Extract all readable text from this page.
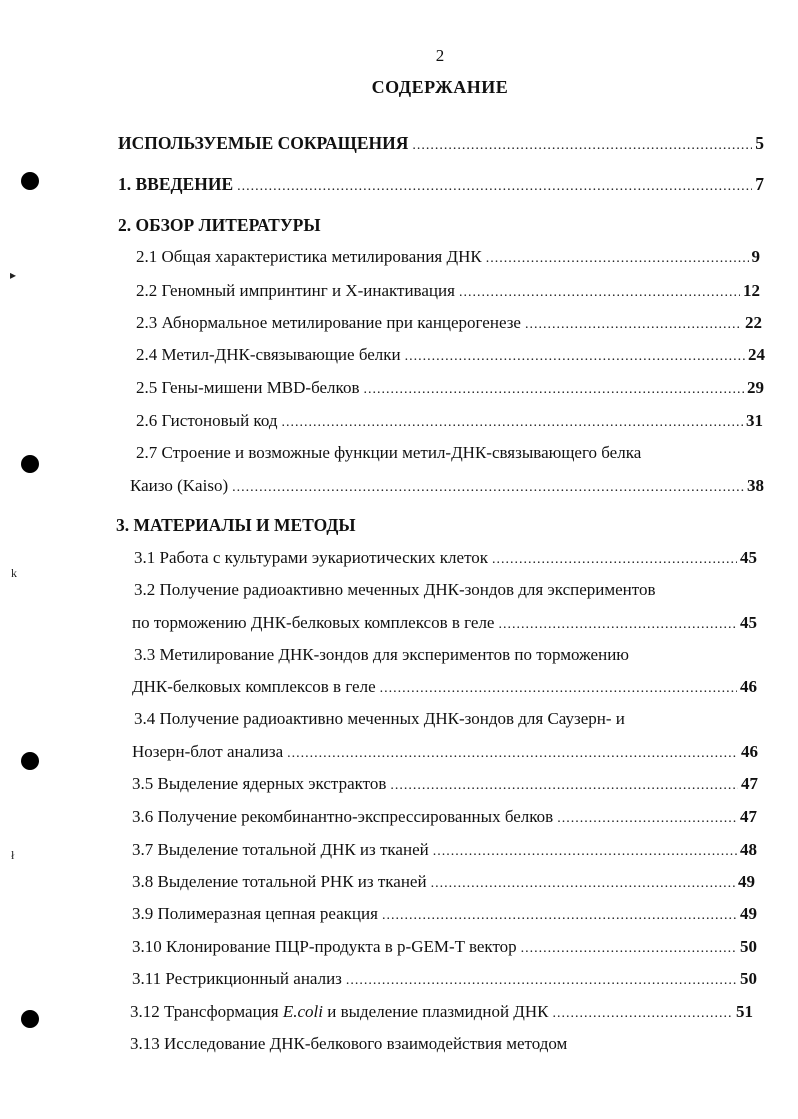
2
СОДЕРЖАНИЕ
▸
k
ł
ИСПОЛЬЗУЕМЫЕ СОКРАЩЕНИЯ .....	5
1. ВВЕДЕНИЕ .....	7
2. ОБЗОР ЛИТЕРАТУРЫ
2.1 Общая характеристика метилирования ДНК .....	9
2.2 Геномный импринтинг и Х-инактивация .....	12
2.3 Абнормальное метилирование при канцерогенезе .....	22
2.4 Метил-ДНК-связывающие белки .....	24
2.5 Гены-мишени MBD-белков .....	29
2.6 Гистоновый код .....	31
2.7 Строение и возможные функции метил-ДНК-связывающего белка
Каизо (Kaiso) .....	38
3. МАТЕРИАЛЫ И МЕТОДЫ
3.1 Работа с культурами эукариотических клеток .....	45
3.2 Получение радиоактивно меченных ДНК-зондов для экспериментов
по торможению ДНК-белковых комплексов в геле .....	45
3.3 Метилирование ДНК-зондов для экспериментов по торможению
ДНК-белковых комплексов в геле .....	46
3.4 Получение радиоактивно меченных ДНК-зондов для Саузерн- и
Нозерн-блот анализа .....	46
3.5 Выделение ядерных экстрактов .....	47
3.6 Получение рекомбинантно-экспрессированных белков .....	47
3.7 Выделение тотальной ДНК из тканей .....	48
3.8 Выделение тотальной РНК из тканей .....	49
3.9 Полимеразная цепная реакция .....	49
3.10 Клонирование ПЦР-продукта в p-GEM-T вектор .....	50
3.11 Рестрикционный анализ .....	50
3.12 Трансформация E.coli и выделение плазмидной ДНК .....	51
3.13 Исследование ДНК-белкового взаимодействия методом
